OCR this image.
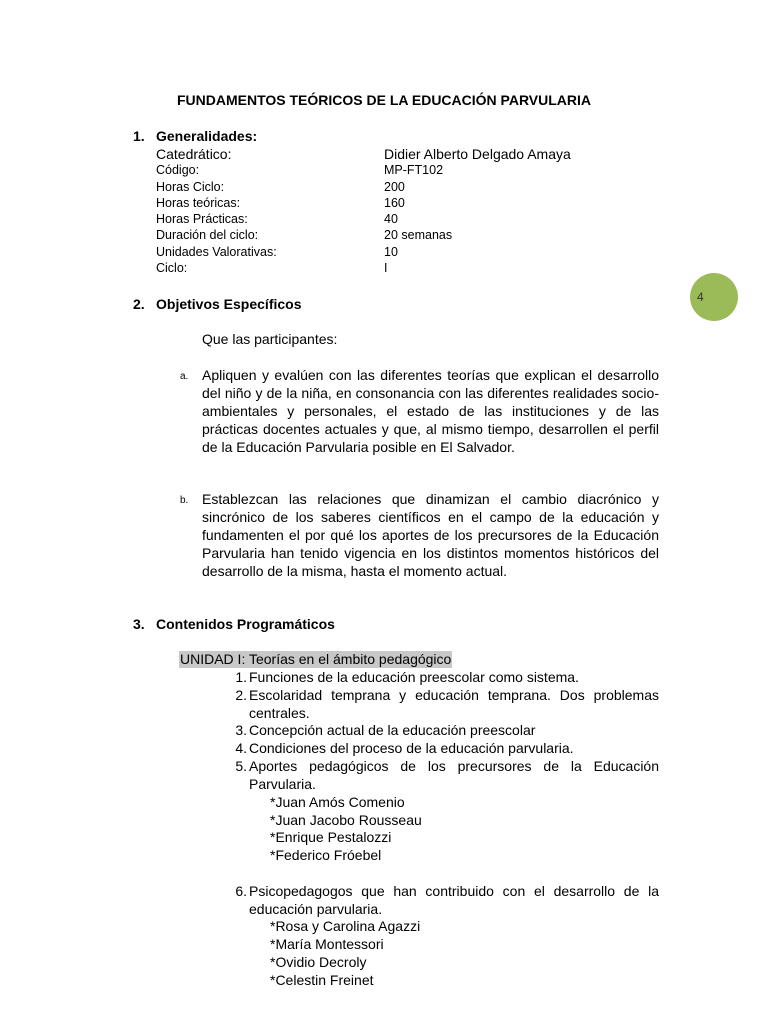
FUNDAMENTOS TEÓRICOS DE LA EDUCACIÓN PARVULARIA
1. Generalidades:
Catedrático:
Código:
Horas Ciclo:
Horas teóricas:
Horas Prácticas:
Duración del ciclo:
Unidades Valorativas:
Ciclo:
Didier Alberto Delgado Amaya
MP-FT102
200
160
40
20 semanas
10
I
4
2. Objetivos Específicos
Que las participantes:
a. Apliquen y evalúen con las diferentes teorías que explican el desarrollo del niño y de la niña, en consonancia con las diferentes realidades socio-ambientales y personales, el estado de las instituciones y de las prácticas docentes actuales y que, al mismo tiempo, desarrollen el perfil de la Educación Parvularia posible en El Salvador.
b. Establezcan las relaciones que dinamizan el cambio diacrónico y sincrónico de los saberes científicos en el campo de la educación y fundamenten el por qué los aportes de los precursores de la Educación Parvularia han tenido vigencia en los distintos momentos históricos del desarrollo de la misma, hasta el momento actual.
3. Contenidos Programáticos
UNIDAD I: Teorías en el ámbito pedagógico
1. Funciones de la educación preescolar como sistema.
2. Escolaridad temprana y educación temprana. Dos problemas centrales.
3. Concepción actual de la educación preescolar
4. Condiciones del proceso de la educación parvularia.
5. Aportes pedagógicos de los precursores de la Educación Parvularia.
*Juan Amós Comenio
*Juan Jacobo Rousseau
*Enrique Pestalozzi
*Federico Fróebel
6. Psicopedagogos que han contribuido con el desarrollo de la educación parvularia.
*Rosa y Carolina Agazzi
*María Montessori
*Ovidio Decroly
*Celestin Freinet
